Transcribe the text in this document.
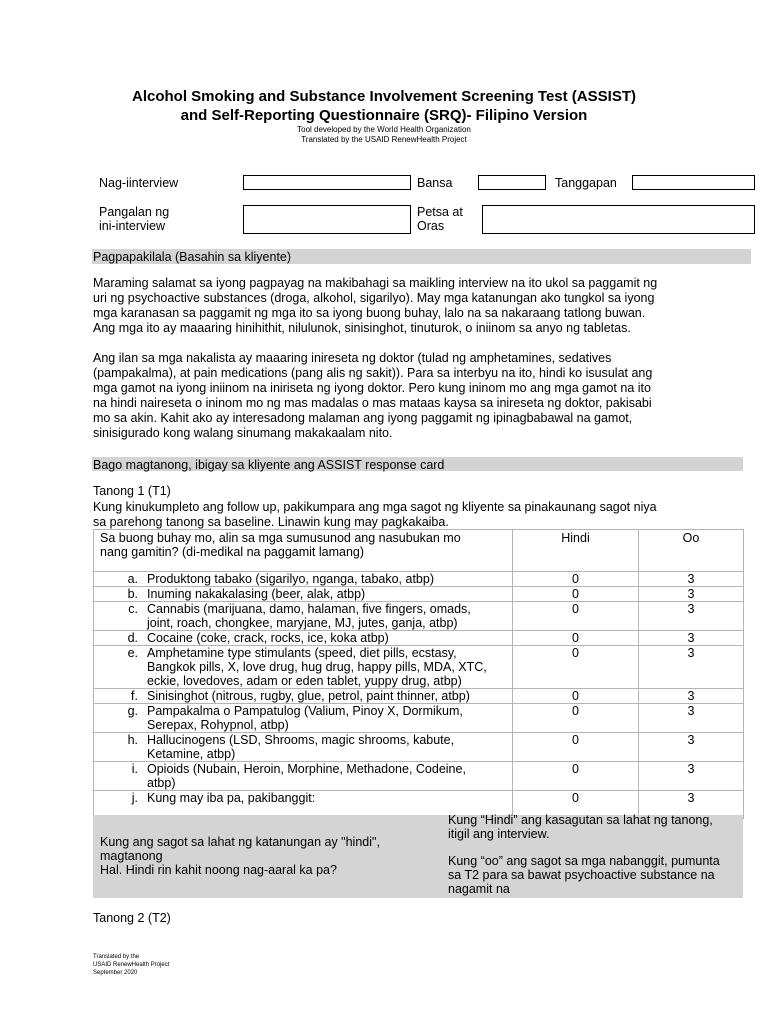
Alcohol Smoking and Substance Involvement Screening Test (ASSIST)
and Self-Reporting Questionnaire (SRQ)- Filipino Version
Tool developed by the World Health Organization
Translated by the USAID RenewHealth Project
Nag-iinterview	Bansa	Tanggapan
Pangalan ng
ini-interview
Petsa at
Oras
Pagpapakilala (Basahin sa kliyente)
Maraming salamat sa iyong pagpayag na makibahagi sa maikling interview na ito ukol sa paggamit ng
uri ng psychoactive substances (droga, alkohol, sigarilyo). May mga katanungan ako tungkol sa iyong
mga karanasan sa paggamit ng mga ito sa iyong buong buhay, lalo na sa nakaraang tatlong buwan.
Ang mga ito ay maaaring hinihithit, nilulunok, sinisinghot, tinuturok, o iniinom sa anyo ng tabletas.
Ang ilan sa mga nakalista ay maaaring inireseta ng doktor (tulad ng amphetamines, sedatives
(pampakalma), at pain medications (pang alis ng sakit)). Para sa interbyu na ito, hindi ko isusulat ang
mga gamot na iyong iniinom na iniriseta ng iyong doktor. Pero kung ininom mo ang mga gamot na ito
na hindi naireseta o ininom mo ng mas madalas o mas mataas kaysa sa inireseta ng doktor, pakisabi
mo sa akin. Kahit ako ay interesadong malaman ang iyong paggamit ng ipinagbabawal na gamot,
sinisigurado kong walang sinumang makakaalam nito.
Bago magtanong, ibigay sa kliyente ang ASSIST response card
Tanong 1 (T1)
Kung kinukumpleto ang follow up, pakikumpara ang mga sagot ng kliyente sa pinakaunang sagot niya
sa parehong tanong sa baseline. Linawin kung may pagkakaiba.
Sa buong buhay mo, alin sa mga sumusunod ang nasubukan mo
nang gamitin? (di-medikal na paggamit lamang)	Hindi	Oo

a. Produktong tabako (sigarilyo, nganga, tabako, atbp)	0	3

b. Inuming nakakalasing (beer, alak, atbp)	0	3

c. Cannabis (marijuana, damo, halaman, five fingers, omads,
joint, roach, chongkee, maryjane, MJ, jutes, ganja, atbp)	0	3

d. Cocaine (coke, crack, rocks, ice, koka atbp)	0	3

e. Amphetamine type stimulants (speed, diet pills, ecstasy,
Bangkok pills, X, love drug, hug drug, happy pills, MDA, XTC,
eckie, lovedoves, adam or eden tablet, yuppy drug, atbp)	0	3

f. Sinisinghot (nitrous, rugby, glue, petrol, paint thinner, atbp)	0	3

g. Pampakalma o Pampatulog (Valium, Pinoy X, Dormikum,
Serepax, Rohypnol, atbp)	0	3

h. Hallucinogens (LSD, Shrooms, magic shrooms, kabute,
Ketamine, atbp)	0	3

i. Opioids (Nubain, Heroin, Morphine, Methadone, Codeine,
atbp)	0	3

j. Kung may iba pa, pakibanggit:	0	3
Kung ang sagot sa lahat ng katanungan ay "hindi",
magtanong
Hal. Hindi rin kahit noong nag-aaral ka pa?
Kung “Hindi” ang kasagutan sa lahat ng tanong,
itigil ang interview.
Kung “oo” ang sagot sa mga nabanggit, pumunta
sa T2 para sa bawat psychoactive substance na
nagamit na
Tanong 2 (T2)
Translated by the
USAID RenewHealth Project
September 2020
